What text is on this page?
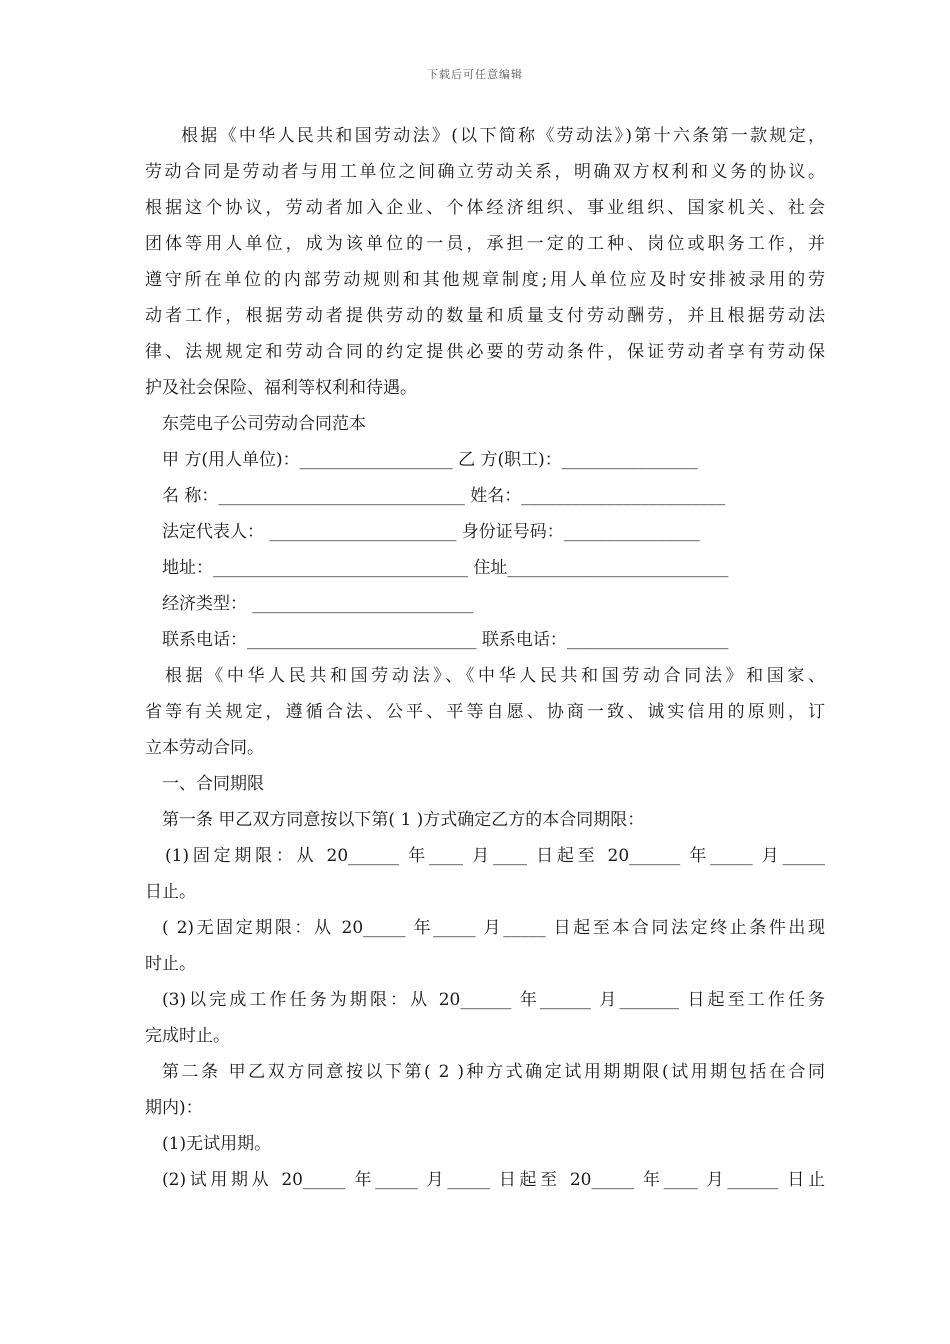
下载后可任意编辑
根据《中华人民共和国劳动法》(以下简称《劳动法》)第十六条第一款规定，
劳动合同是劳动者与用工单位之间确立劳动关系，明确双方权利和义务的协议。
根据这个协议，劳动者加入企业、个体经济组织、事业组织、国家机关、社会
团体等用人单位，成为该单位的一员，承担一定的工种、岗位或职务工作，并
遵守所在单位的内部劳动规则和其他规章制度;用人单位应及时安排被录用的劳
动者工作，根据劳动者提供劳动的数量和质量支付劳动酬劳，并且根据劳动法
律、法规规定和劳动合同的约定提供必要的劳动条件，保证劳动者享有劳动保
护及社会保险、福利等权利和待遇。
东莞电子公司劳动合同范本
甲 方(用人单位)：__________________ 乙 方(职工)：________________
名 称：_____________________________ 姓名：________________________
法定代表人： ______________________ 身份证号码：________________
地址：______________________________ 住址__________________________
经济类型： __________________________
联系电话：___________________________ 联系电话：___________________
根据《中华人民共和国劳动法》、《中华人民共和国劳动合同法》和国家、
省等有关规定，遵循合法、公平、平等自愿、协商一致、诚实信用的原则，订
立本劳动合同。
一、合同期限
第一条 甲乙双方同意按以下第( 1 )方式确定乙方的本合同期限：
(1)固定期限：从 20______ 年____ 月____ 日起至 20______ 年_____ 月_____
日止。
( 2)无固定期限：从 20_____ 年_____ 月_____ 日起至本合同法定终止条件出现
时止。
(3)以完成工作任务为期限：从 20______ 年______ 月_______ 日起至工作任务
完成时止。
第二条 甲乙双方同意按以下第( 2 )种方式确定试用期期限(试用期包括在合同
期内)：
(1)无试用期。
(2)试用期从 20_____ 年_____ 月_____ 日起至 20_____ 年____ 月______ 日止
